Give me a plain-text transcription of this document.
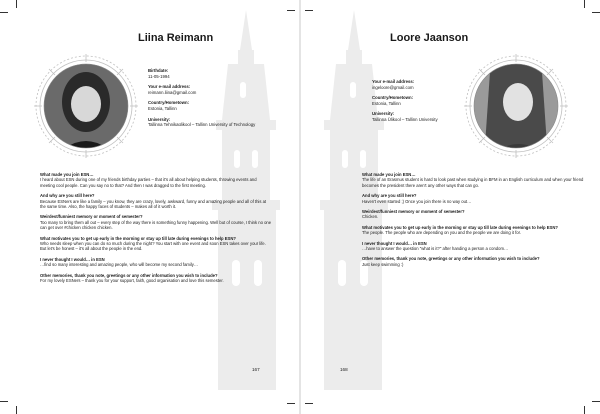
Liina Reimann
Birthdate:
11-05-1994
Your e-mail address:
reimann.liina@gmail.com
Country/Hometown:
Estonia, Tallinn
University:
Tallinna Tehnikaülikool – Tallinn University of Technology
What made you join ESN…
I heard about ESN during one of my friends birthday parties – that it's all about helping students, throwing events and meeting cool people. Can you say no to that? And then I was dragged to the first meeting.
And why are you still here?
Because ESNers are like a family – you know, they are crazy, lovely, awkward, funny and amazing people and all of this at the same time. Also, the happy faces of students – makes all of it worth it.
Weirdest/funniest memory or moment of semester?
Too many to bring them all out – every step of the way there is something funny happening. Well but of course, I think no one can get over #chicken chicken chicken.
What motivates you to get up early in the morning or stay up till late during evenings to help ESN?
Who needs sleep when you can do so much during the night? You start with one event and soon ESN takes over your life. But let's be honest – it's all about the people in the end.
I never thought I would… in ESN
…find so many interesting and amazing people, who will become my second family…
Other memories, thank you note, greetings or any other information you wish to include?
For my lovely ESNers – thank you for your support, faith, good organisation and love this semester.
167
Loore Jaanson
Your e-mail address:
ingeloore@gmail.com
Country/Hometown:
Estonia, Tallinn
University:
Tallinna Ülikool – Tallinn University
What made you join ESN…
The life of an Erasmus student is hard to look past when studying in BFM in an English curriculum and when your friend becomes the president there aren't any other ways that can go.
And why are you still here?
Haven't even started ;) Once you join there is no way out…
Weirdest/funniest memory or moment of semester?
Chicken.
What motivates you to get up early in the morning or stay up till late during evenings to help ESN?
The people. The people who are depending on you and the people we are doing it for.
I never thought I would… in ESN
…have to answer the question "what is it?" after handing a person a condom…
Other memories, thank you note, greetings or any other information you wish to include?
Just keep swimming :)
168
